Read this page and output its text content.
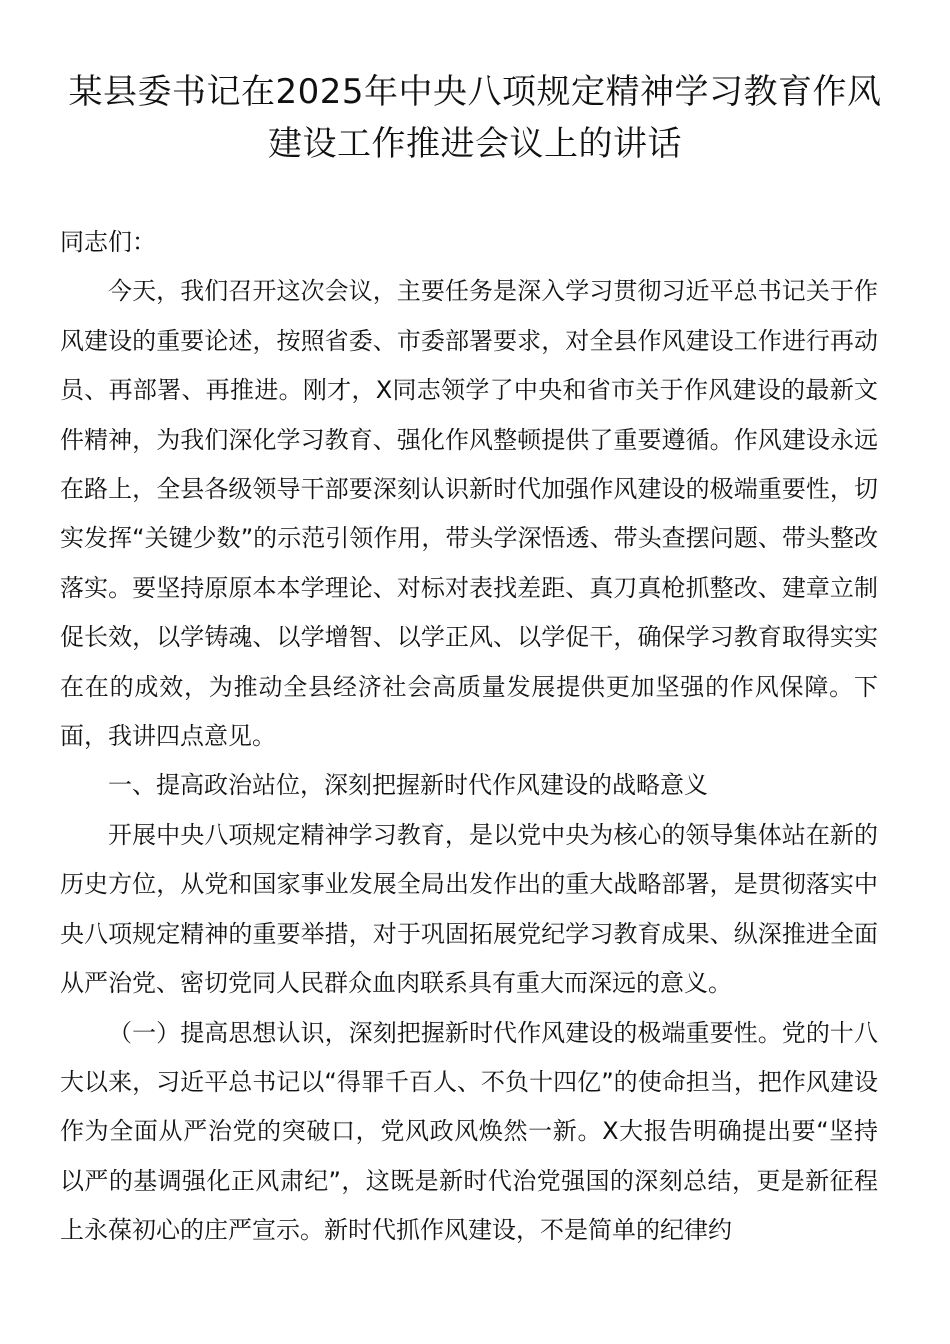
某县委书记在2025年中央八项规定精神学习教育作风建设工作推进会议上的讲话

同志们：

今天，我们召开这次会议，主要任务是深入学习贯彻习近平总书记关于作风建设的重要论述，按照省委、市委部署要求，对全县作风建设工作进行再动员、再部署、再推进。刚才，X同志领学了中央和省市关于作风建设的最新文件精神，为我们深化学习教育、强化作风整顿提供了重要遵循。作风建设永远在路上，全县各级领导干部要深刻认识新时代加强作风建设的极端重要性，切实发挥“关键少数”的示范引领作用，带头学深悟透、带头查摆问题、带头整改落实。要坚持原原本本学理论、对标对表找差距、真刀真枪抓整改、建章立制促长效，以学铸魂、以学增智、以学正风、以学促干，确保学习教育取得实实在在的成效，为推动全县经济社会高质量发展提供更加坚强的作风保障。下面，我讲四点意见。

一、提高政治站位，深刻把握新时代作风建设的战略意义

开展中央八项规定精神学习教育，是以党中央为核心的领导集体站在新的历史方位，从党和国家事业发展全局出发作出的重大战略部署，是贯彻落实中央八项规定精神的重要举措，对于巩固拓展党纪学习教育成果、纵深推进全面从严治党、密切党同人民群众血肉联系具有重大而深远的意义。

（一）提高思想认识，深刻把握新时代作风建设的极端重要性。党的十八大以来，习近平总书记以“得罪千百人、不负十四亿”的使命担当，把作风建设作为全面从严治党的突破口，党风政风焕然一新。X大报告明确提出要“坚持以严的基调强化正风肃纪”，这既是新时代治党强国的深刻总结，更是新征程上永葆初心的庄严宣示。新时代抓作风建设，不是简单的纪律约
